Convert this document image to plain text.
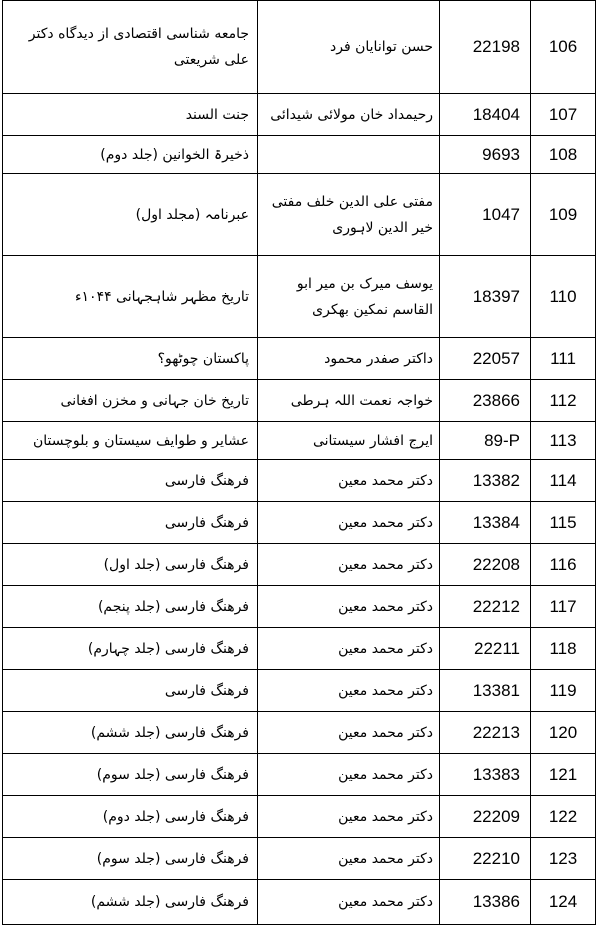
جامعه شناسی اقتصادی از دیدگاه دکتر علی شریعتی	حسن توانایان فرد	22198	106
جنت السند	رحیمداد خان مولائی شیدائی	18404	107
ذخیرۃ الخوانین (جلد دوم)		9693	108
عبرنامہ (مجلد اول)	مفتی علی الدین خلف مفتی خیر الدین لاہوری	1047	109
تاریخ مظہر شاہجہانی ۱۰۴۴ء	یوسف میرک بن میر ابو القاسم نمکین بھکری	18397	110
پاکستان چوٹھو؟	داکتر صفدر محمود	22057	111
تاریخ خان جہانی و مخزن افغانی	خواجہ نعمت اللہ ہرطی	23866	112
عشایر و طوایف سیستان و بلوچستان	ایرج افشار سیستانی	89-P	113
فرھنگ فارسی	دکتر محمد معین	13382	114
فرھنگ فارسی	دکتر محمد معین	13384	115
فرھنگ فارسی (جلد اول)	دکتر محمد معین	22208	116
فرھنگ فارسی (جلد پنجم)	دکتر محمد معین	22212	117
فرھنگ فارسی (جلد چہارم)	دکتر محمد معین	22211	118
فرھنگ فارسی	دکتر محمد معین	13381	119
فرھنگ فارسی (جلد ششم)	دکتر محمد معین	22213	120
فرھنگ فارسی (جلد سوم)	دکتر محمد معین	13383	121
فرھنگ فارسی (جلد دوم)	دکتر محمد معین	22209	122
فرھنگ فارسی (جلد سوم)	دکتر محمد معین	22210	123
فرھنگ فارسی (جلد ششم)	دکتر محمد معین	13386	124
